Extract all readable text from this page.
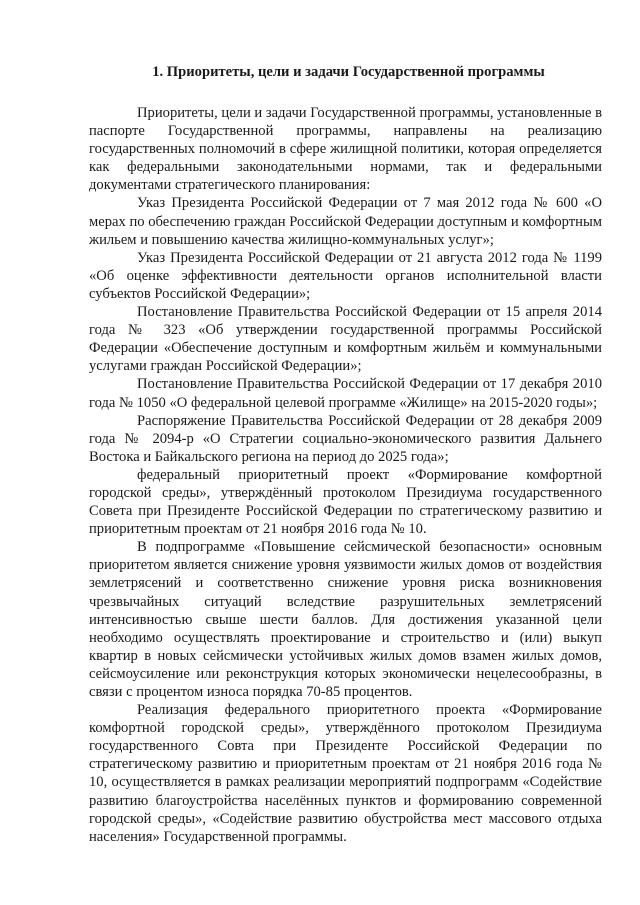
1. Приоритеты, цели и задачи Государственной программы

Приоритеты, цели и задачи Государственной программы, установленные в паспорте Государственной программы, направлены на реализацию государственных полномочий в сфере жилищной политики, которая определяется как федеральными законодательными нормами, так и федеральными документами стратегического планирования:

Указ Президента Российской Федерации от 7 мая 2012 года № 600 «О мерах по обеспечению граждан Российской Федерации доступным и комфортным жильем и повышению качества жилищно-коммунальных услуг»;

Указ Президента Российской Федерации от 21 августа 2012 года № 1199 «Об оценке эффективности деятельности органов исполнительной власти субъектов Российской Федерации»;

Постановление Правительства Российской Федерации от 15 апреля 2014 года № 323 «Об утверждении государственной программы Российской Федерации «Обеспечение доступным и комфортным жильём и коммунальными услугами граждан Российской Федерации»;

Постановление Правительства Российской Федерации от 17 декабря 2010 года № 1050 «О федеральной целевой программе «Жилище» на 2015-2020 годы»;

Распоряжение Правительства Российской Федерации от 28 декабря 2009 года № 2094-р «О Стратегии социально-экономического развития Дальнего Востока и Байкальского региона на период до 2025 года»;

федеральный приоритетный проект «Формирование комфортной городской среды», утверждённый протоколом Президиума государственного Совета при Президенте Российской Федерации по стратегическому развитию и приоритетным проектам от 21 ноября 2016 года № 10.

В подпрограмме «Повышение сейсмической безопасности» основным приоритетом является снижение уровня уязвимости жилых домов от воздействия землетрясений и соответственно снижение уровня риска возникновения чрезвычайных ситуаций вследствие разрушительных землетрясений интенсивностью свыше шести баллов. Для достижения указанной цели необходимо осуществлять проектирование и строительство и (или) выкуп квартир в новых сейсмически устойчивых жилых домов взамен жилых домов, сейсмоусиление или реконструкция которых экономически нецелесообразны, в связи с процентом износа порядка 70-85 процентов.

Реализация федерального приоритетного проекта «Формирование комфортной городской среды», утверждённого протоколом Президиума государственного Совта при Президенте Российской Федерации по стратегическому развитию и приоритетным проектам от 21 ноября 2016 года № 10, осуществляется в рамках реализации мероприятий подпрограмм «Содействие развитию благоустройства населённых пунктов и формированию современной городской среды», «Содействие развитию обустройства мест массового отдыха населения» Государственной программы.
